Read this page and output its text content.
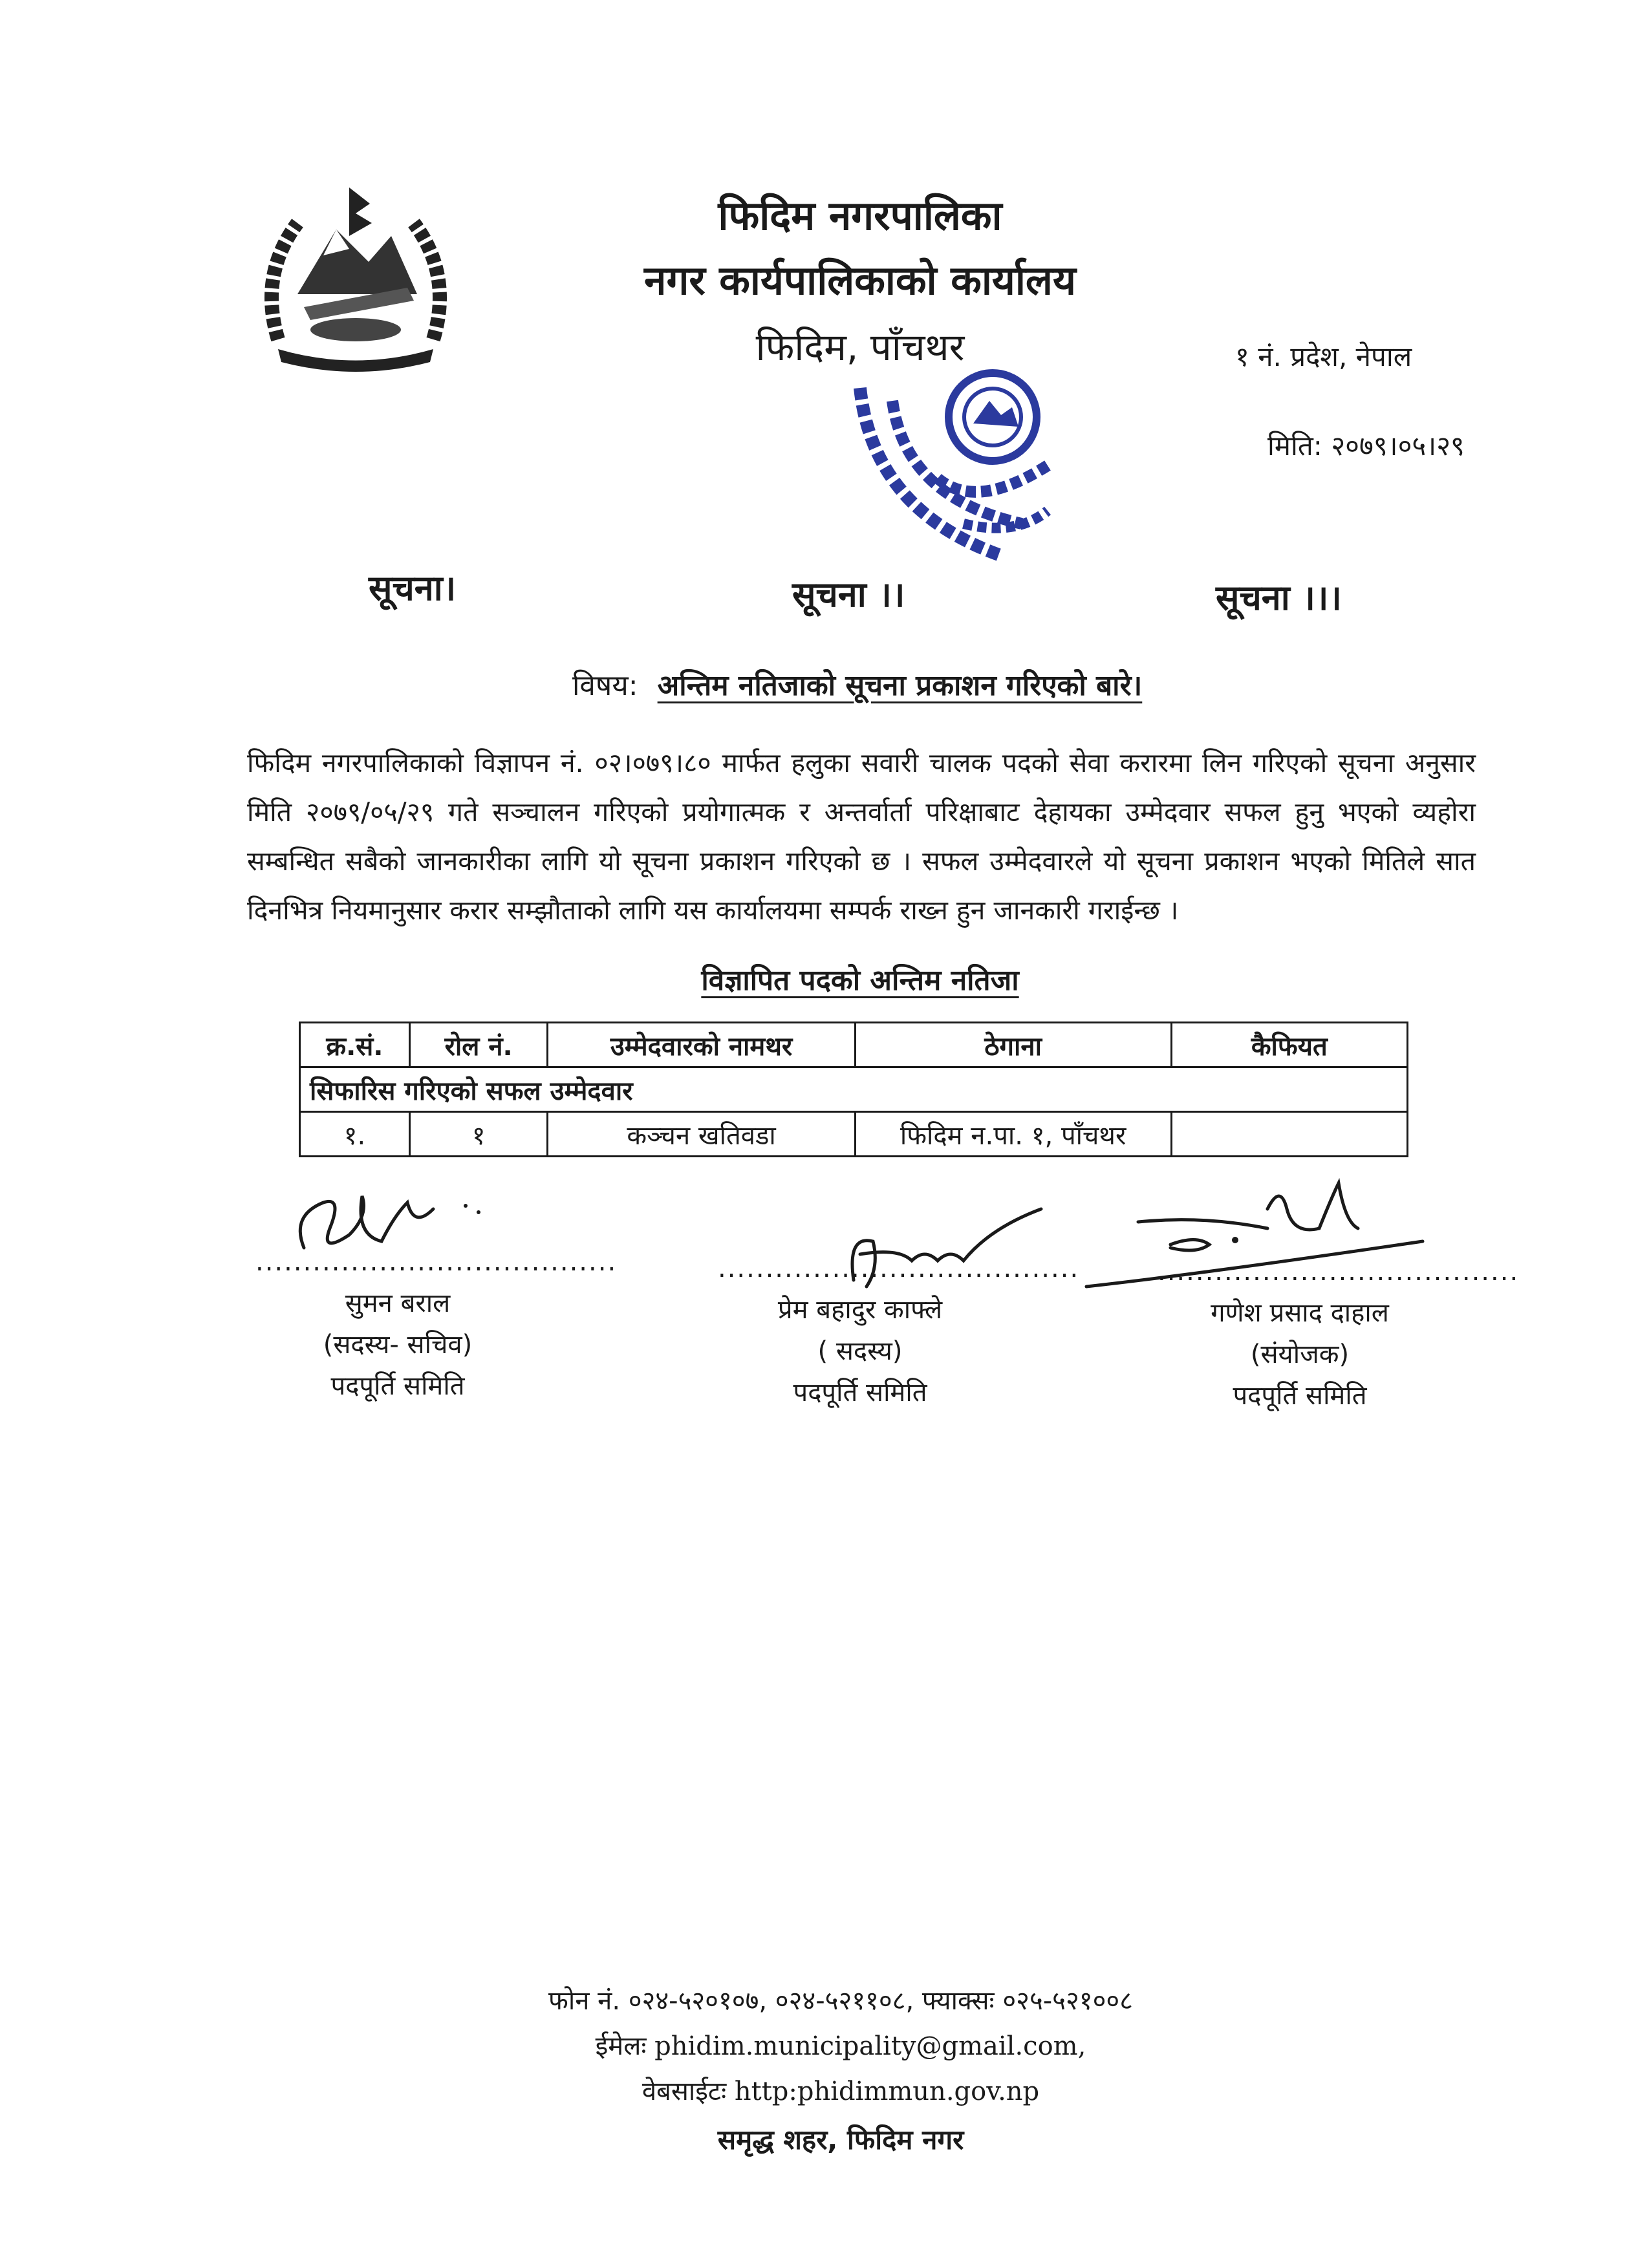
जननी जन्मभूमिश्च स्वर्गादपि गरीयसी
फिदिम नगरपालिका
नगर कार्यपालिकाको कार्यालय
फिदिम, पाँचथर	१ नं. प्रदेश, नेपाल
मिति: २०७९।०५।२९
सूचना।	सूचना ।।	सूचना ।।।
विषय: अन्तिम नतिजाको सूचना प्रकाशन गरिएको बारे।
फिदिम नगरपालिकाको विज्ञापन नं. ०२।०७९।८० मार्फत हलुका सवारी चालक पदको सेवा करारमा लिन गरिएको सूचना अनुसार मिति २०७९/०५/२९ गते सञ्चालन गरिएको प्रयोगात्मक र अन्तर्वार्ता परिक्षाबाट देहायका उम्मेदवार सफल हुनु भएको व्यहोरा सम्बन्धित सबैको जानकारीका लागि यो सूचना प्रकाशन गरिएको छ । सफल उम्मेदवारले यो सूचना प्रकाशन भएको मितिले सात दिनभित्र नियमानुसार करार सम्झौताको लागि यस कार्यालयमा सम्पर्क राख्न हुन जानकारी गराईन्छ ।
विज्ञापित पदको अन्तिम नतिजा
क्र.सं.	रोल नं.	उम्मेदवारको नामथर	ठेगाना	कैफियत
सिफारिस गरिएको सफल उम्मेदवार				
१.	१	कञ्चन खतिवडा	फिदिम न.पा. १, पाँचथर	
......................................
सुमन बराल
(सदस्य- सचिव)
पदपूर्ति समिति
......................................
प्रेम बहादुर काफ्ले
( सदस्य)
पदपूर्ति समिति
......................................
गणेश प्रसाद दाहाल
(संयोजक)
पदपूर्ति समिति
फोन नं. ०२४-५२०१०७, ०२४-५२११०८, फ्याक्सः ०२५-५२१००८
ईमेलः phidim.municipality@gmail.com,
वेबसाईटः http:phidimmun.gov.np
समृद्ध शहर, फिदिम नगर
